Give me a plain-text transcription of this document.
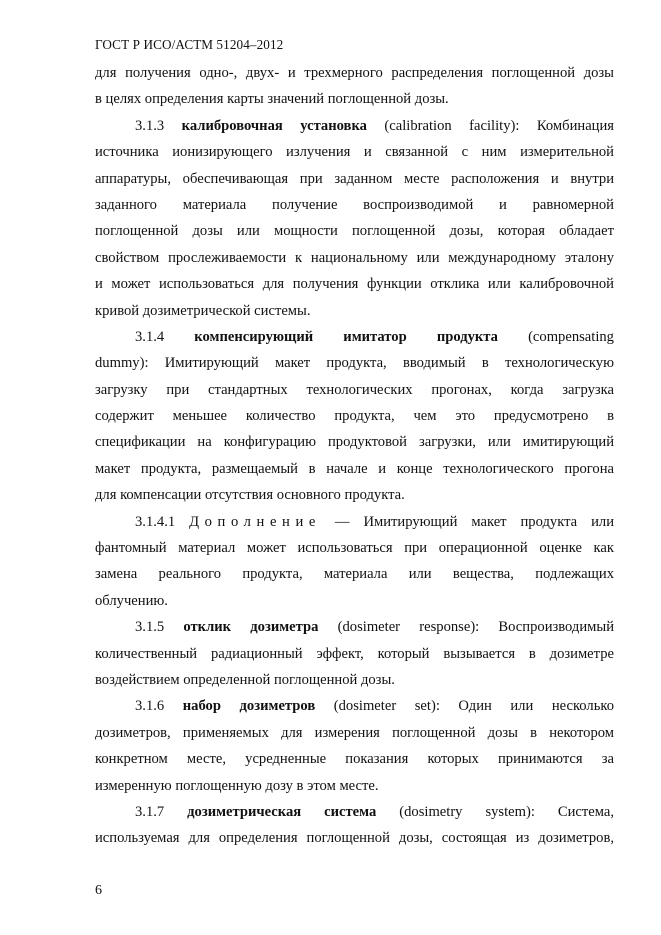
ГОСТ Р ИСО/АСТМ 51204–2012
для получения одно-, двух- и трехмерного распределения поглощенной дозы
в целях определения карты значений поглощенной дозы.
3.1.3 калибровочная установка (calibration facility): Комбинация
источника ионизирующего излучения и связанной с ним измерительной
аппаратуры, обеспечивающая при заданном месте расположения и внутри
заданного материала получение воспроизводимой и равномерной
поглощенной дозы или мощности поглощенной дозы, которая обладает
свойством прослеживаемости к национальному или международному эталону
и может использоваться для получения функции отклика или калибровочной
кривой дозиметрической системы.
3.1.4 компенсирующий имитатор продукта (compensating
dummy): Имитирующий макет продукта, вводимый в технологическую
загрузку при стандартных технологических прогонах, когда загрузка
содержит меньшее количество продукта, чем это предусмотрено в
спецификации на конфигурацию продуктовой загрузки, или имитирующий
макет продукта, размещаемый в начале и конце технологического прогона
для компенсации отсутствия основного продукта.
3.1.4.1 Дополнение — Имитирующий макет продукта или
фантомный материал может использоваться при операционной оценке как
замена реального продукта, материала или вещества, подлежащих
облучению.
3.1.5 отклик дозиметра (dosimeter response): Воспроизводимый
количественный радиационный эффект, который вызывается в дозиметре
воздействием определенной поглощенной дозы.
3.1.6 набор дозиметров (dosimeter set): Один или несколько
дозиметров, применяемых для измерения поглощенной дозы в некотором
конкретном месте, усредненные показания которых принимаются за
измеренную поглощенную дозу в этом месте.
3.1.7 дозиметрическая система (dosimetry system): Система,
используемая для определения поглощенной дозы, состоящая из дозиметров,
6
